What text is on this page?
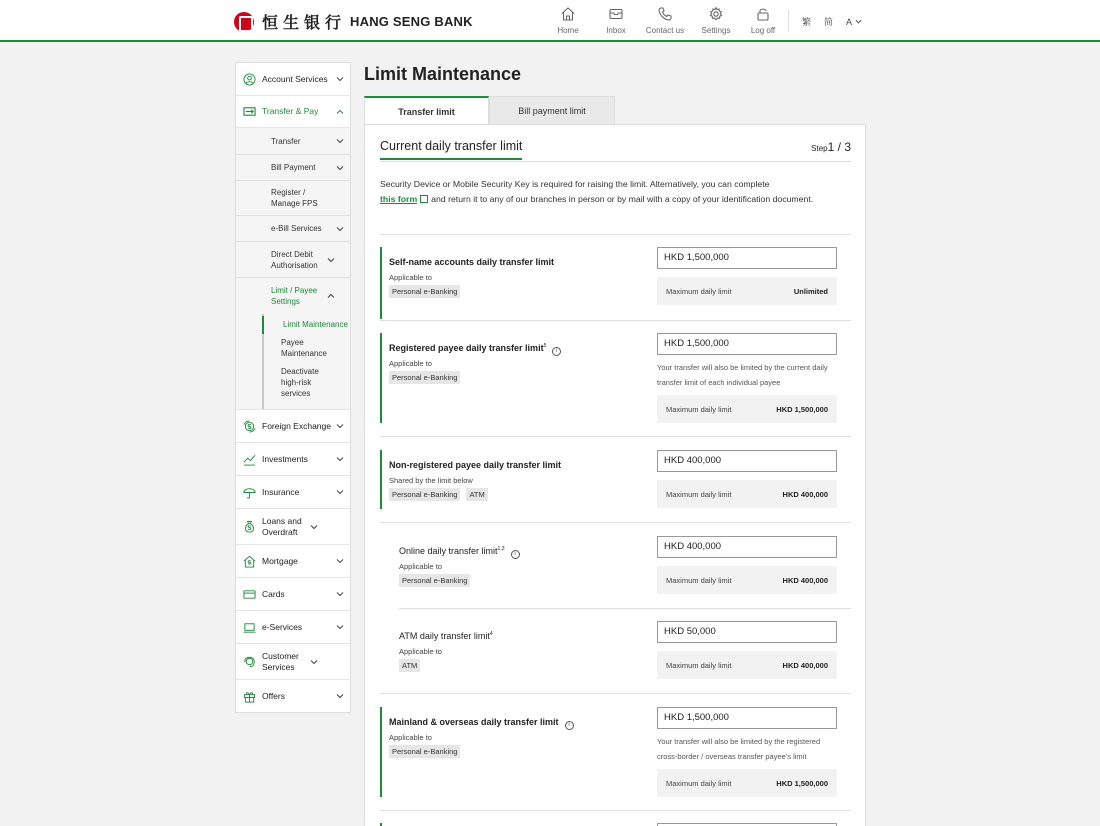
恒生银行 HANG SENG BANK
Home	Inbox	Contact us Settings	Log off
繁 简 A
Account Services
Transfer & Pay
Transfer
Bill Payment
Register / Manage FPS
e-Bill Services
Direct Debit Authorisation
Limit / Payee Settings
Limit Maintenance
Payee Maintenance
Deactivate high-risk services
Foreign Exchange
Investments
Insurance
Loans and Overdraft
Mortgage
Cards
e-Services
Customer Services
Offers
Limit Maintenance
Transfer limit	Bill payment limit
Current daily transfer limit	Step1 / 3
Security Device or Mobile Security Key is required for raising the limit. Alternatively, you can complete
this form and return it to any of our branches in person or by mail with a copy of your identification document.
Self-name accounts daily transfer limit
Applicable to
Personal e-Banking
HKD 1,500,000
Maximum daily limit	Unlimited
Registered payee daily transfer limit$^5$i
Applicable to
Personal e-Banking
HKD 1,500,000
Your transfer will also be limited by the current daily transfer limit of each individual payee
Maximum daily limit	HKD 1,500,000
Non-registered payee daily transfer limit
Shared by the limit below
Personal e-Banking	ATM
HKD 400,000
Maximum daily limit	HKD 400,000
Online daily transfer limit$^{1,3}$i
Applicable to
Personal e-Banking
HKD 400,000
Maximum daily limit	HKD 400,000
ATM daily transfer limit$^4$
Applicable to
ATM
HKD 50,000
Maximum daily limit	HKD 400,000
Mainland & overseas daily transfer limit i
Applicable to
Personal e-Banking
HKD 1,500,000
Your transfer will also be limited by the registered cross-border / overseas transfer payee's limit
Maximum daily limit	HKD 1,500,000
